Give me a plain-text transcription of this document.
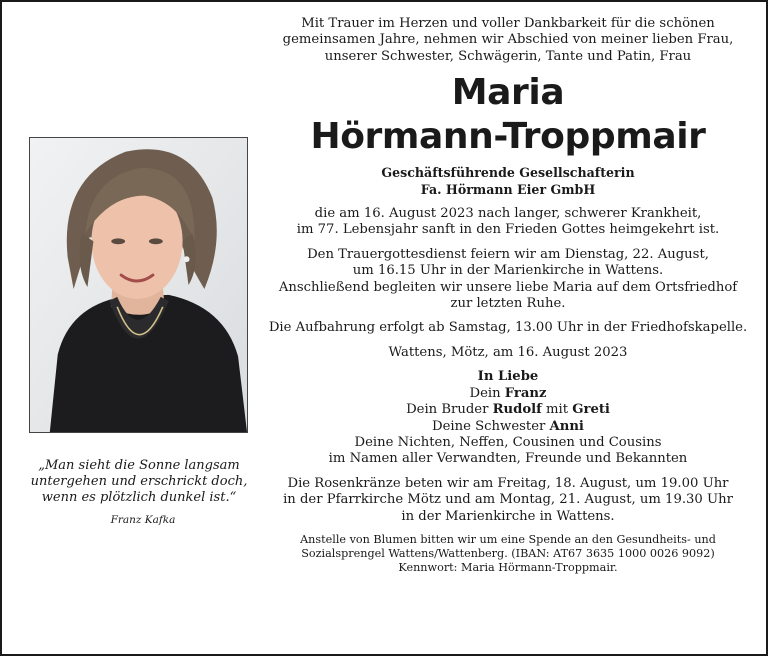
„Man sieht die Sonne langsam
untergehen und erschrickt doch,
wenn es plötzlich dunkel ist.“
Franz Kafka

Mit Trauer im Herzen und voller Dankbarkeit für die schönen
gemeinsamen Jahre, nehmen wir Abschied von meiner lieben Frau,
unserer Schwester, Schwägerin, Tante und Patin, Frau

Maria
Hörmann-Troppmair

Geschäftsführende Gesellschafterin
Fa. Hörmann Eier GmbH

die am 16. August 2023 nach langer, schwerer Krankheit,
im 77. Lebensjahr sanft in den Frieden Gottes heimgekehrt ist.

Den Trauergottesdienst feiern wir am Dienstag, 22. August,
um 16.15 Uhr in der Marienkirche in Wattens.
Anschließend begleiten wir unsere liebe Maria auf dem Ortsfriedhof
zur letzten Ruhe.

Die Aufbahrung erfolgt ab Samstag, 13.00 Uhr in der Friedhofskapelle.

Wattens, Mötz, am 16. August 2023

In Liebe

Dein Franz

Dein Bruder Rudolf mit Greti

Deine Schwester Anni

Deine Nichten, Neffen, Cousinen und Cousins

im Namen aller Verwandten, Freunde und Bekannten

Die Rosenkränze beten wir am Freitag, 18. August, um 19.00 Uhr
in der Pfarrkirche Mötz und am Montag, 21. August, um 19.30 Uhr
in der Marienkirche in Wattens.

Anstelle von Blumen bitten wir um eine Spende an den Gesundheits- und
Sozialsprengel Wattens/Wattenberg. (IBAN: AT67 3635 1000 0026 9092)
Kennwort: Maria Hörmann-Troppmair.
